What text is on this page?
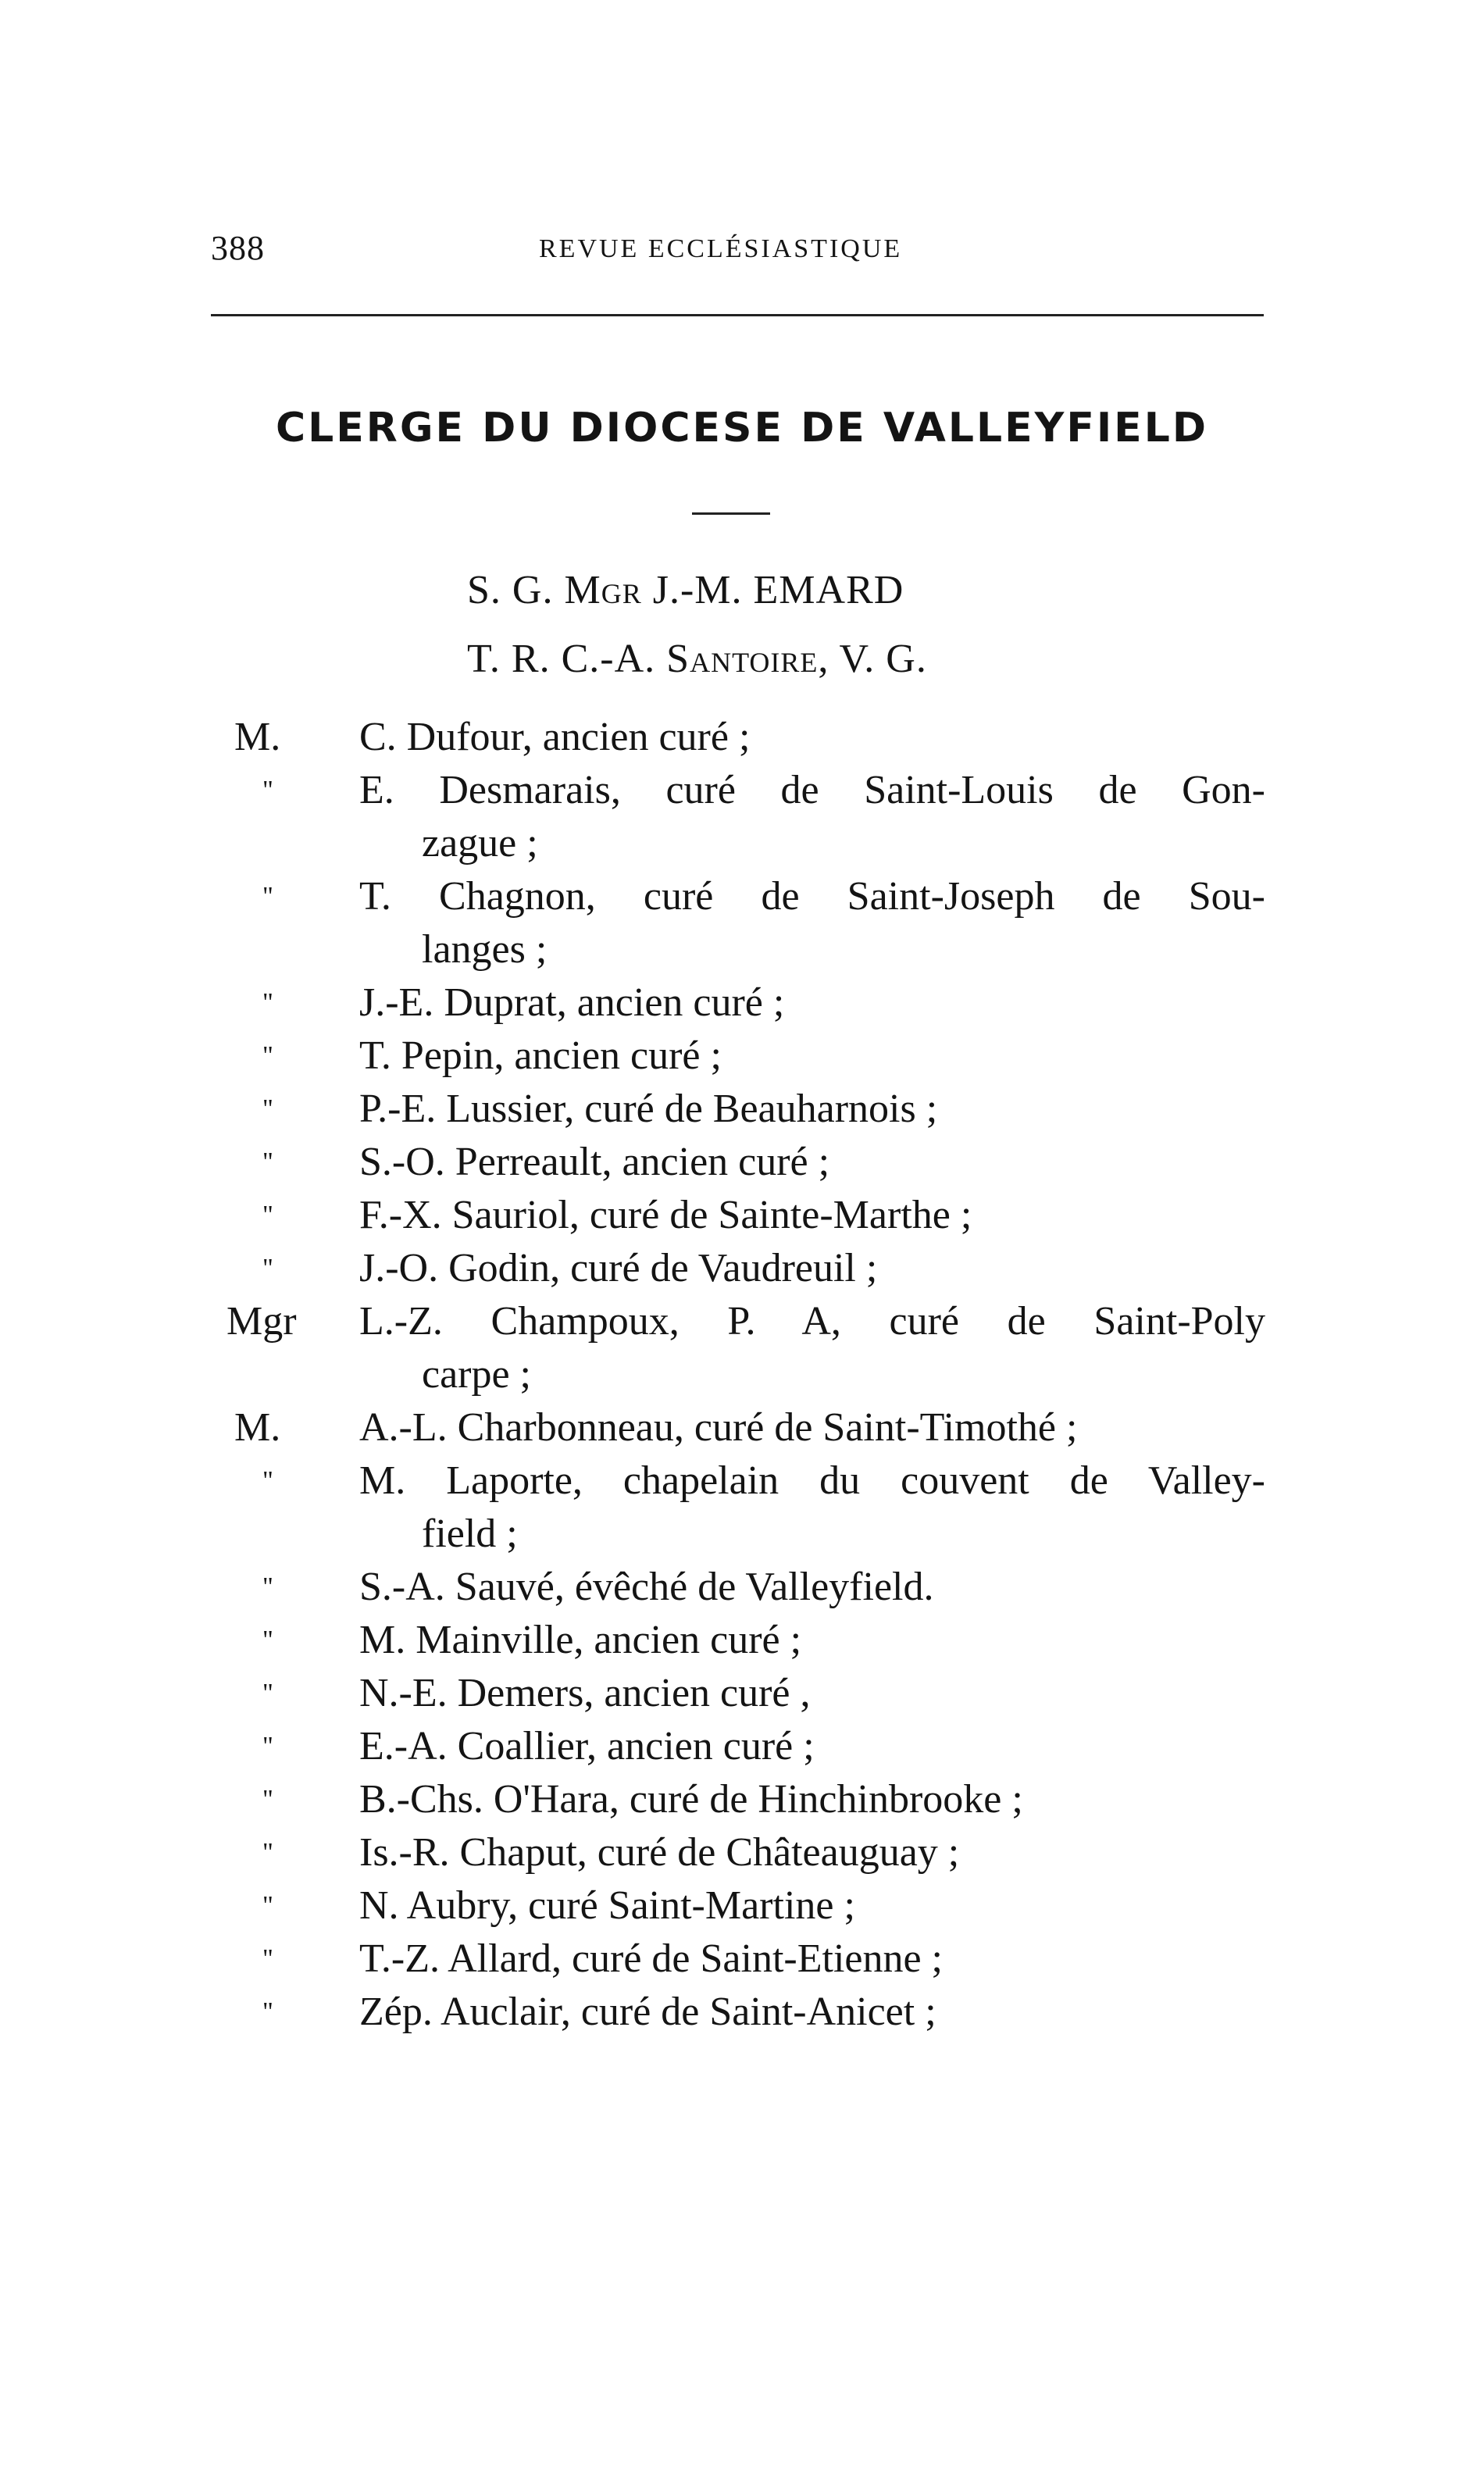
388	REVUE ECCLÉSIASTIQUE
CLERGE DU DIOCESE DE VALLEYFIELD
S. G. Mgr J.-M. EMARD
T. R. C.-A. Santoire, V. G.
M.	C. Dufour, ancien curé ;
"	E. Desmarais, curé de Saint-Louis de Gon-
zague ;
"	T. Chagnon, curé de Saint-Joseph de Sou-
langes ;
"	J.-E. Duprat, ancien curé ;
"	T. Pepin, ancien curé ;
"	P.-E. Lussier, curé de Beauharnois ;
"	S.-O. Perreault, ancien curé ;
"	F.-X. Sauriol, curé de Sainte-Marthe ;
"	J.-O. Godin, curé de Vaudreuil ;
Mgr	L.-Z. Champoux, P. A, curé de Saint-Poly
carpe ;
M.	A.-L. Charbonneau, curé de Saint-Timothé ;
"	M. Laporte, chapelain du couvent de Valley-
field ;
"	S.-A. Sauvé, évêché de Valleyfield.
"	M. Mainville, ancien curé ;
"	N.-E. Demers, ancien curé ,
"	E.-A. Coallier, ancien curé ;
"	B.-Chs. O'Hara, curé de Hinchinbrooke ;
"	Is.-R. Chaput, curé de Châteauguay ;
"	N. Aubry, curé Saint-Martine ;
"	T.-Z. Allard, curé de Saint-Etienne ;
"	Zép. Auclair, curé de Saint-Anicet ;
